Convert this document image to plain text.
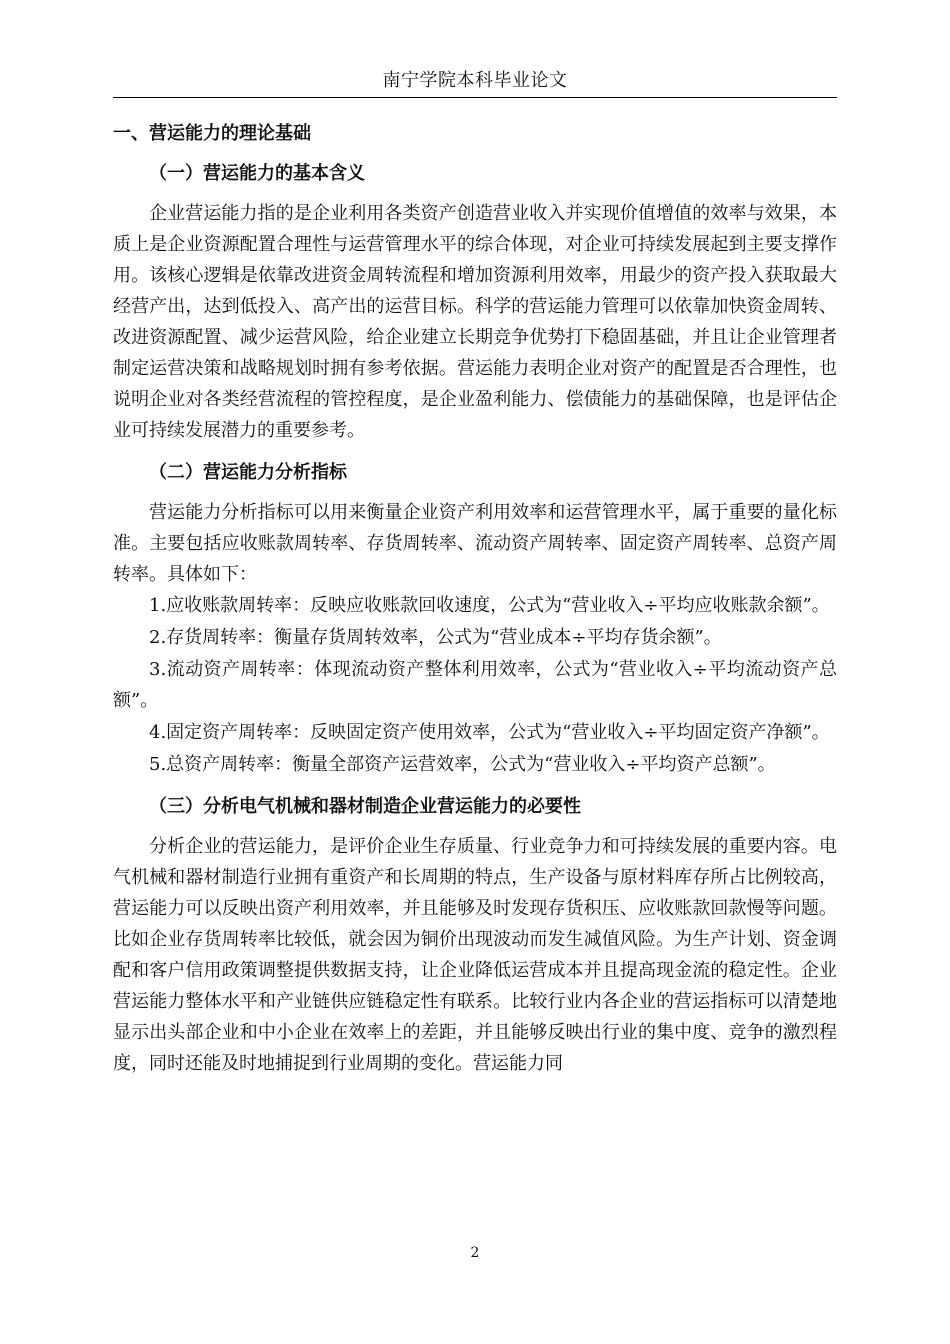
南宁学院本科毕业论文
一、营运能力的理论基础
（一）营运能力的基本含义

企业营运能力指的是企业利用各类资产创造营业收入并实现价值增值的效率与效果，本质上是企业资源配置合理性与运营管理水平的综合体现，对企业可持续发展起到主要支撑作用。该核心逻辑是依靠改进资金周转流程和增加资源利用效率，用最少的资产投入获取最大经营产出，达到低投入、高产出的运营目标。科学的营运能力管理可以依靠加快资金周转、改进资源配置、减少运营风险，给企业建立长期竞争优势打下稳固基础，并且让企业管理者制定运营决策和战略规划时拥有参考依据。营运能力表明企业对资产的配置是否合理性，也说明企业对各类经营流程的管控程度，是企业盈利能力、偿债能力的基础保障，也是评估企业可持续发展潜力的重要参考。

（二）营运能力分析指标

营运能力分析指标可以用来衡量企业资产利用效率和运营管理水平，属于重要的量化标准。主要包括应收账款周转率、存货周转率、流动资产周转率、固定资产周转率、总资产周转率。具体如下：

1.应收账款周转率：反映应收账款回收速度，公式为“营业收入÷平均应收账款余额”。

2.存货周转率：衡量存货周转效率，公式为“营业成本÷平均存货余额”。

3.流动资产周转率：体现流动资产整体利用效率，公式为“营业收入÷平均流动资产总额”。

4.固定资产周转率：反映固定资产使用效率，公式为“营业收入÷平均固定资产净额”。

5.总资产周转率：衡量全部资产运营效率，公式为“营业收入÷平均资产总额”。

（三）分析电气机械和器材制造企业营运能力的必要性

分析企业的营运能力，是评价企业生存质量、行业竞争力和可持续发展的重要内容。电气机械和器材制造行业拥有重资产和长周期的特点，生产设备与原材料库存所占比例较高，营运能力可以反映出资产利用效率，并且能够及时发现存货积压、应收账款回款慢等问题。比如企业存货周转率比较低，就会因为铜价出现波动而发生减值风险。为生产计划、资金调配和客户信用政策调整提供数据支持，让企业降低运营成本并且提高现金流的稳定性。企业营运能力整体水平和产业链供应链稳定性有联系。比较行业内各企业的营运指标可以清楚地显示出头部企业和中小企业在效率上的差距，并且能够反映出行业的集中度、竞争的激烈程度，同时还能及时地捕捉到行业周期的变化。营运能力同

2
